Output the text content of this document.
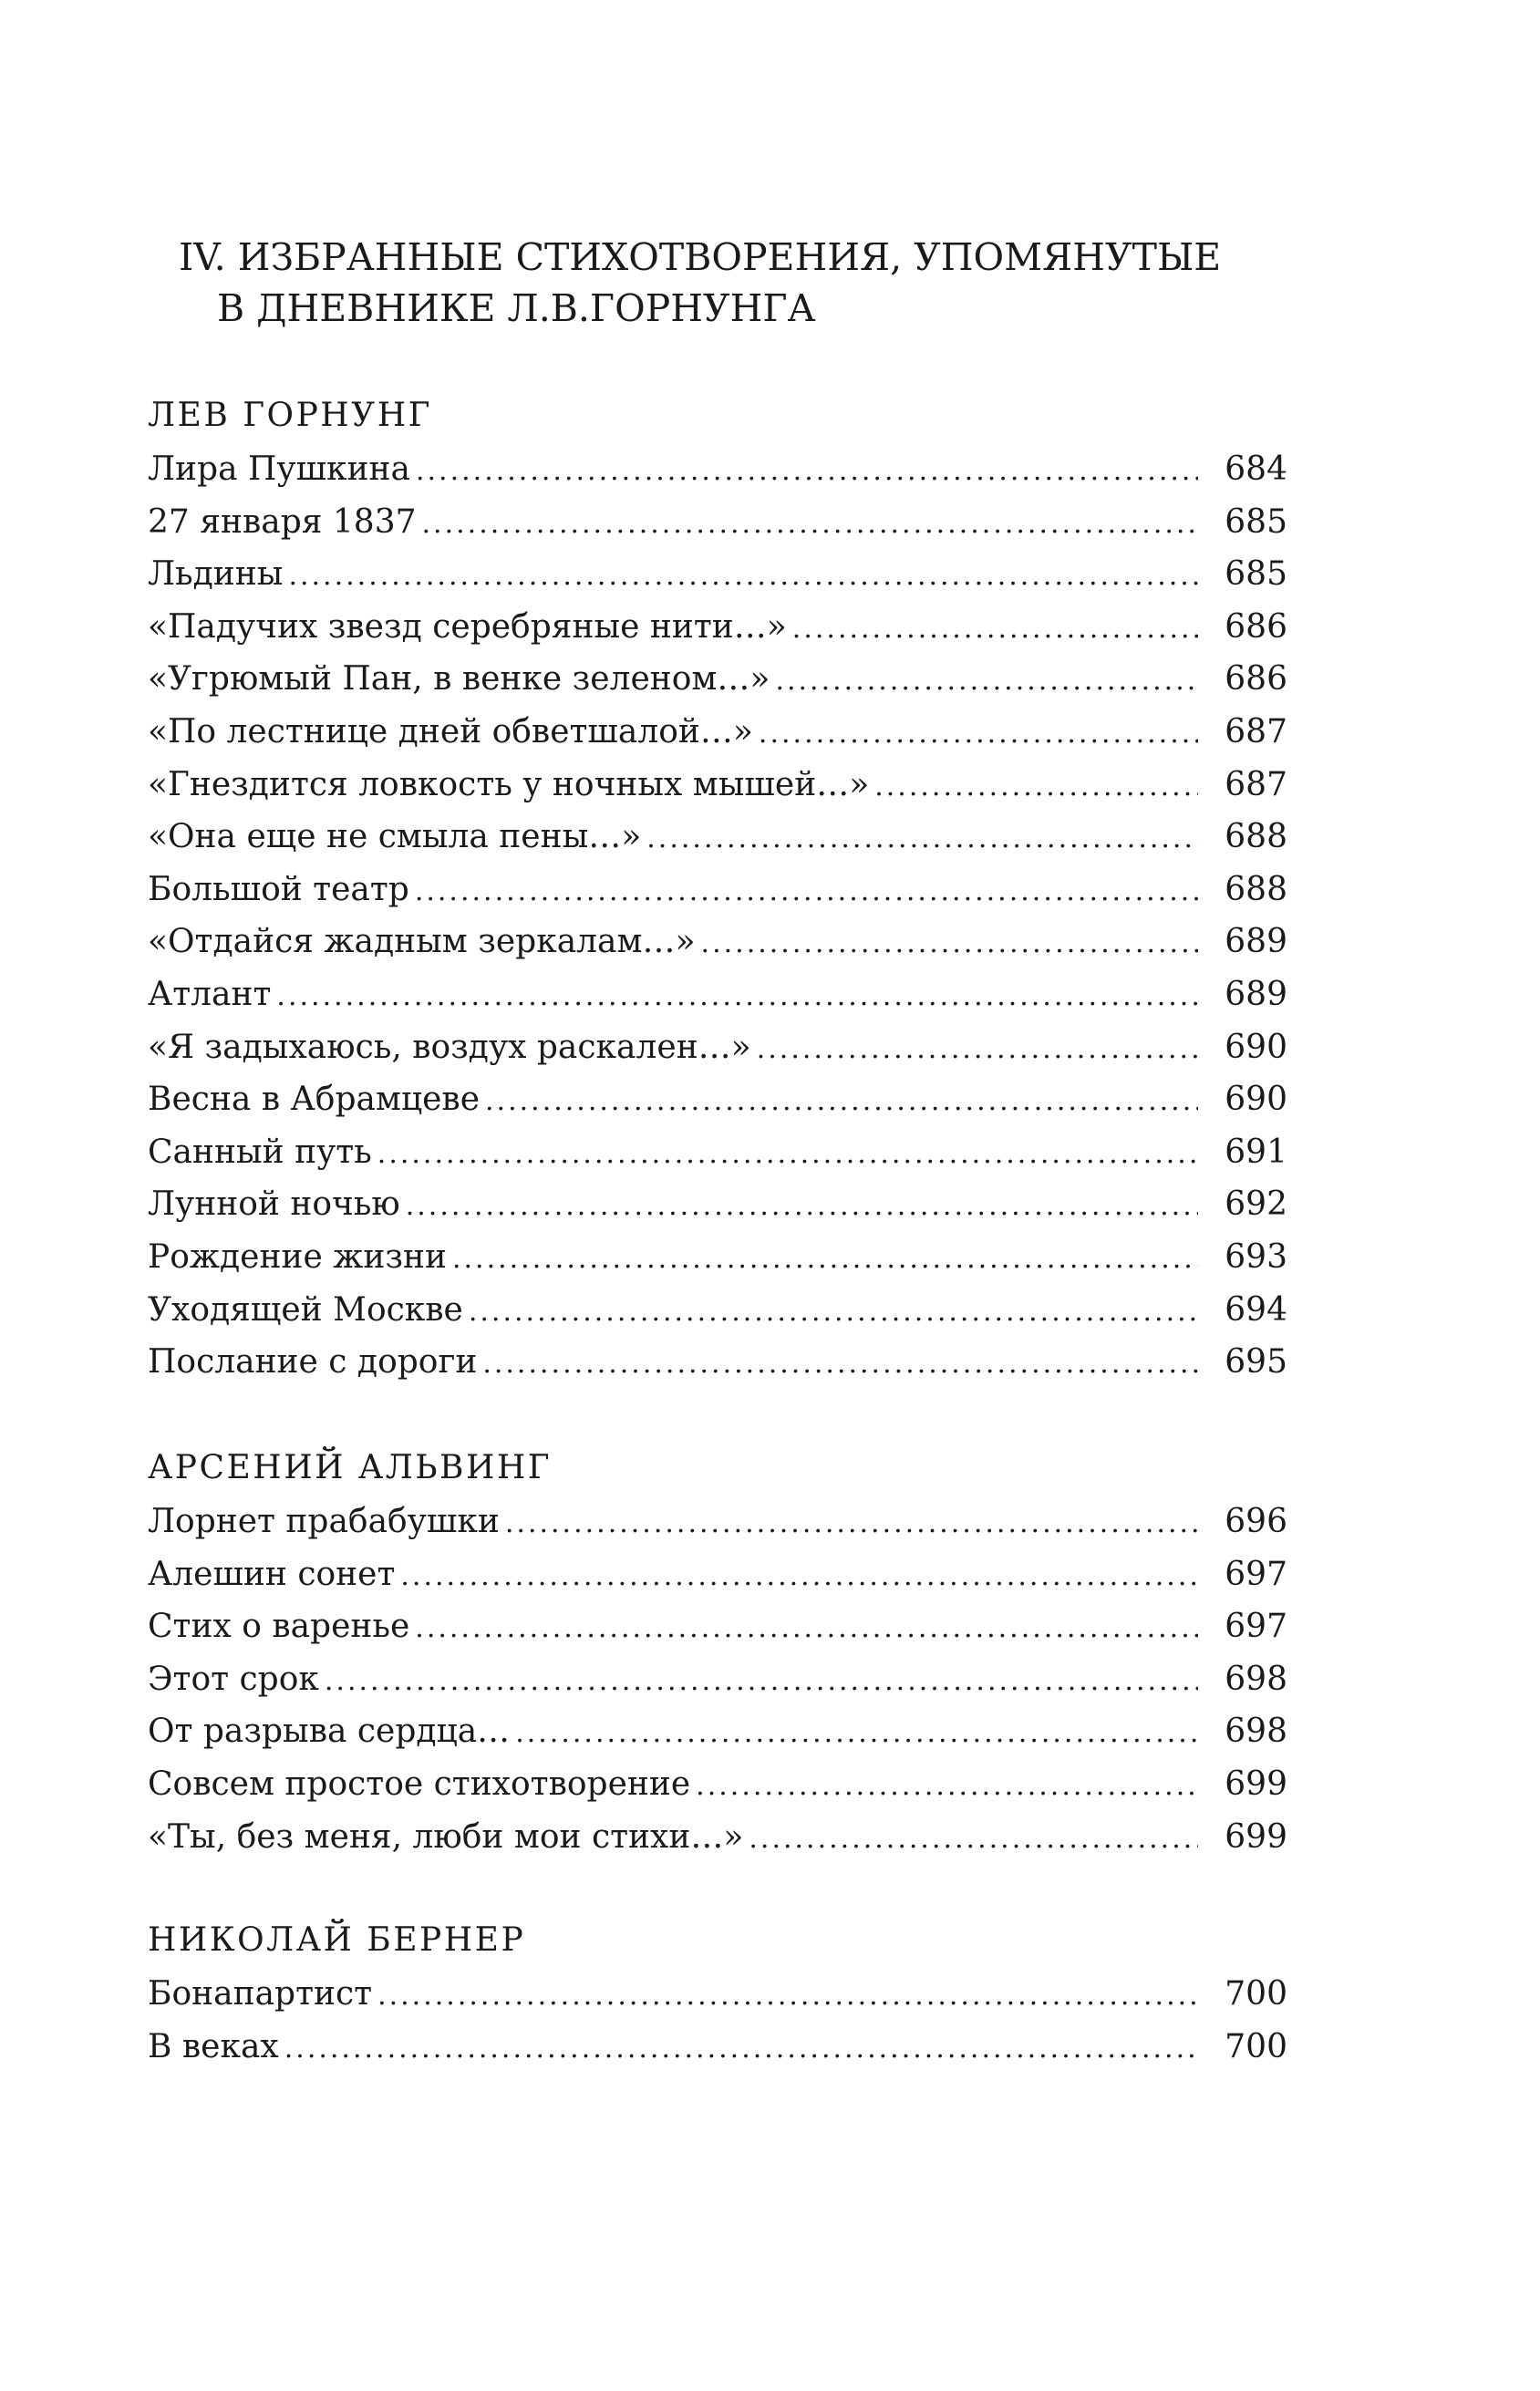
IV. ИЗБРАННЫЕ СТИХОТВОРЕНИЯ, УПОМЯНУТЫЕ
В ДНЕВНИКЕ Л.В.ГОРНУНГА
ЛЕВ ГОРНУНГ
Лира Пушкина .....	684
27 января 1837 .....	685
Льдины .....	685
«Падучих звезд серебряные нити…» .....	686
«Угрюмый Пан, в венке зеленом…» .....	686
«По лестнице дней обветшалой…» .....	687
«Гнездится ловкость у ночных мышей…» .....	687
«Она еще не смыла пены…» .....	688
Большой театр .....	688
«Отдайся жадным зеркалам…» .....	689
Атлант .....	689
«Я задыхаюсь, воздух раскален…» .....	690
Весна в Абрамцеве .....	690
Санный путь .....	691
Лунной ночью .....	692
Рождение жизни .....	693
Уходящей Москве .....	694
Послание с дороги .....	695
АРСЕНИЙ АЛЬВИНГ
Лорнет прабабушки .....	696
Алешин сонет .....	697
Стих о варенье .....	697
Этот срок .....	698
От разрыва сердца… .....	698
Совсем простое стихотворение .....	699
«Ты, без меня, люби мои стихи…» .....	699
НИКОЛАЙ БЕРНЕР
Бонапартист .....	700
В веках .....	700
